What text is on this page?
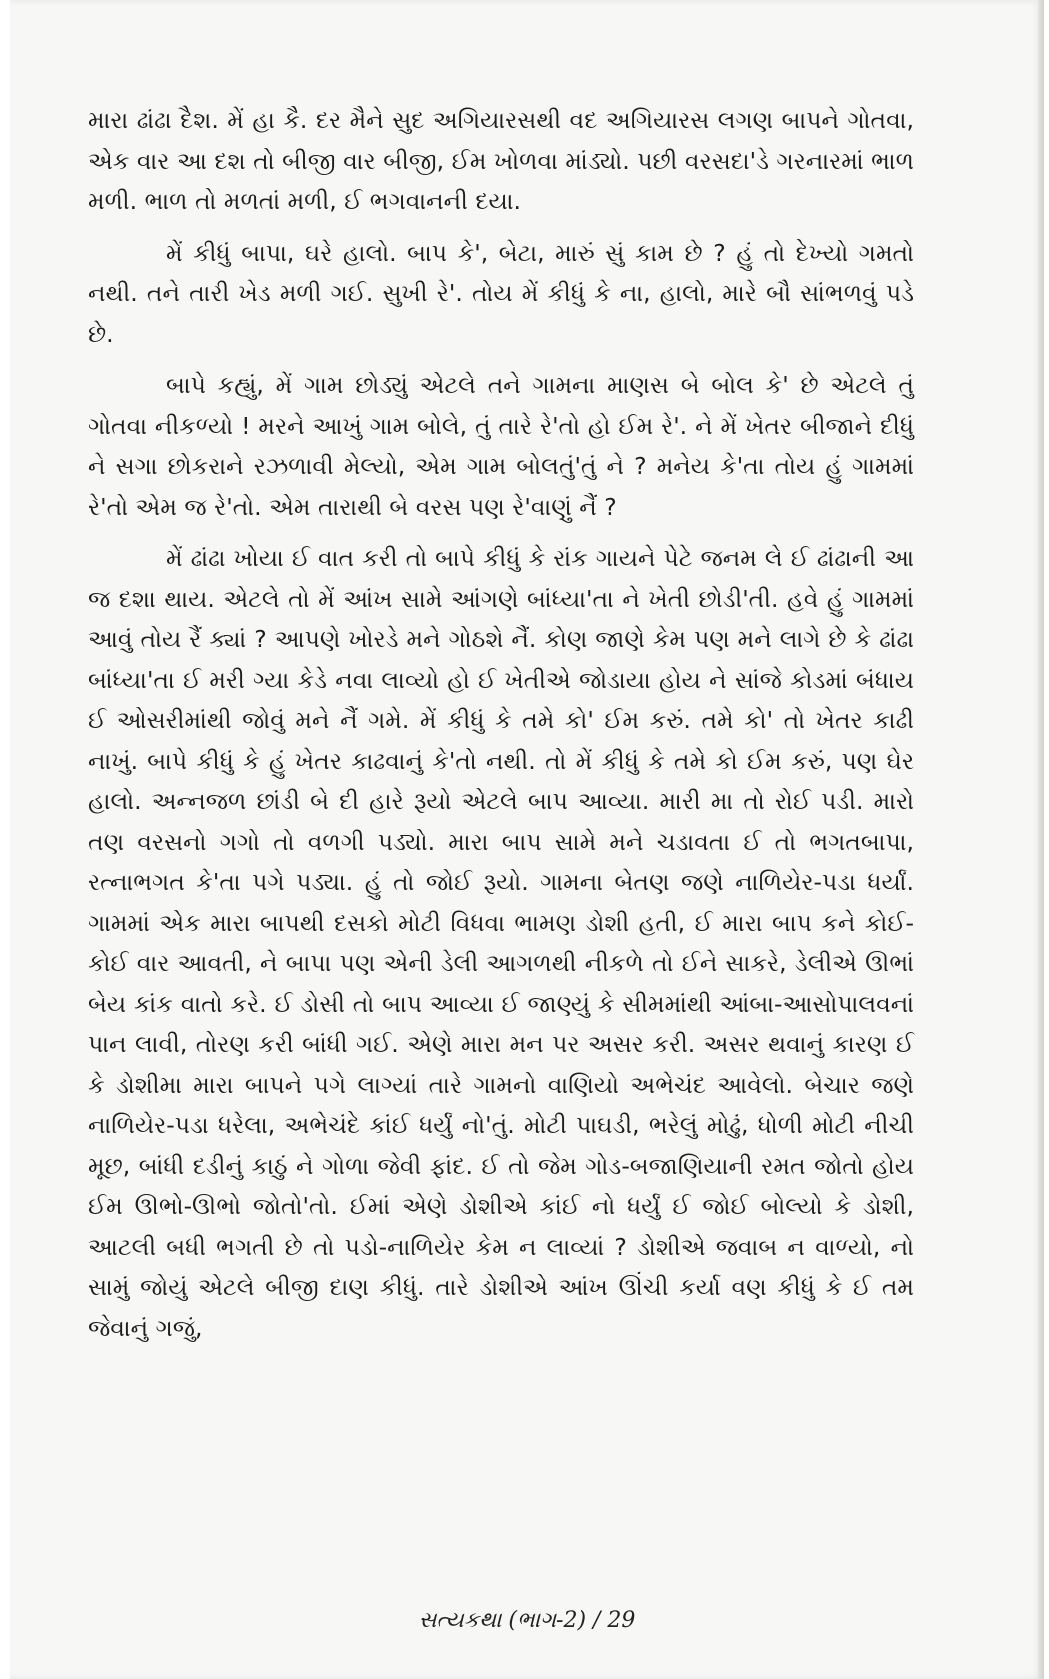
મારા ઢાંઢા દૈશ. મેં હા કૈ. દર મૈને સુદ અગિયારસથી વદ અગિયારસ લગણ બાપને ગોતવા, એક વાર આ દશ તો બીજી વાર બીજી, ઈમ ખોળવા માંડ્યો. પછી વરસદા'ડે ગરનારમાં ભાળ મળી. ભાળ તો મળતાં મળી, ઈ ભગવાનની દયા.

મેં કીધું બાપા, ઘરે હાલો. બાપ કે', બેટા, મારું સું કામ છે ? હું તો દેખ્યો ગમતો નથી. તને તારી ખેડ મળી ગઈ. સુખી રે'. તોય મેં કીધું કે ના, હાલો, મારે બૌ સાંભળવું પડે છે.

બાપે કહ્યું, મેં ગામ છોડ્યું એટલે તને ગામના માણસ બે બોલ કે' છે એટલે તું ગોતવા નીકળ્યો ! મરને આખું ગામ બોલે, તું તારે રે'તો હો ઈમ રે'. ને મેં ખેતર બીજાને દીધું ને સગા છોકરાને રઝળાવી મેલ્યો, એમ ગામ બોલતું'તું ને ? મનેય કે'તા તોય હું ગામમાં રે'તો એમ જ રે'તો. એમ તારાથી બે વરસ પણ રે'વાણું નૈં ?

મેં ઢાંઢા ખોયા ઈ વાત કરી તો બાપે કીધું કે રાંક ગાયને પેટે જનમ લે ઈ ઢાંઢાની આ જ દશા થાય. એટલે તો મેં આંખ સામે આંગણે બાંધ્યા'તા ને ખેતી છોડી'તી. હવે હું ગામમાં આવું તોય રૈં ક્યાં ? આપણે ખોરડે મને ગોઠશે નૈં. કોણ જાણે કેમ પણ મને લાગે છે કે ઢાંઢા બાંધ્યા'તા ઈ મરી ગ્યા કેડે નવા લાવ્યો હો ઈ ખેતીએ જોડાયા હોય ને સાંજે કોડમાં બંધાય ઈ ઓસરીમાંથી જોવું મને નૈં ગમે. મેં કીધું કે તમે કો' ઈમ કરું. તમે કો' તો ખેતર કાઢી નાખું. બાપે કીધું કે હું ખેતર કાઢવાનું કે'તો નથી. તો મેં કીધું કે તમે કો ઈમ કરું, પણ ઘેર હાલો. અન્નજળ છાંડી બે દી હારે રૂયો એટલે બાપ આવ્યા. મારી મા તો રોઈ પડી. મારો તણ વરસનો ગગો તો વળગી પડ્યો. મારા બાપ સામે મને ચડાવતા ઈ તો ભગતબાપા, રત્નાભગત કે'તા પગે પડ્યા. હું તો જોઈ રૂયો. ગામના બેતણ જણે નાળિયેર-પડા ધર્યાં. ગામમાં એક મારા બાપથી દસકો મોટી વિધવા ભામણ ડોશી હતી, ઈ મારા બાપ કને કોઈ-કોઈ વાર આવતી, ને બાપા પણ એની ડેલી આગળથી નીકળે તો ઈને સાકરે, ડેલીએ ઊભાં બેય કાંક વાતો કરે. ઈ ડોસી તો બાપ આવ્યા ઈ જાણ્યું કે સીમમાંથી આંબા-આસોપાલવનાં પાન લાવી, તોરણ કરી બાંધી ગઈ. એણે મારા મન પર અસર કરી. અસર થવાનું કારણ ઈ કે ડોશીમા મારા બાપને પગે લાગ્યાં તારે ગામનો વાણિયો અભેચંદ આવેલો. બેચાર જણે નાળિયેર-પડા ધરેલા, અભેચંદે કાંઈ ધર્યું નો'તું. મોટી પાઘડી, ભરેલું મોઢું, ધોળી મોટી નીચી મૂછ, બાંધી દડીનું કાઠું ને ગોળા જેવી ફાંદ. ઈ તો જેમ ગોડ-બજાણિયાની રમત જોતો હોય ઈમ ઊભો-ઊભો જોતો'તો. ઈમાં એણે ડોશીએ કાંઈ નો ધર્યું ઈ જોઈ બોલ્યો કે ડોશી, આટલી બધી ભગતી છે તો પડો-નાળિયેર કેમ ન લાવ્યાં ? ડોશીએ જવાબ ન વાળ્યો, નો સામું જોયું એટલે બીજી દાણ કીધું. તારે ડોશીએ આંખ ઊંચી કર્યા વણ કીધું કે ઈ તમ જેવાનું ગજું,

સત્યકથા (ભાગ-2) / 29
